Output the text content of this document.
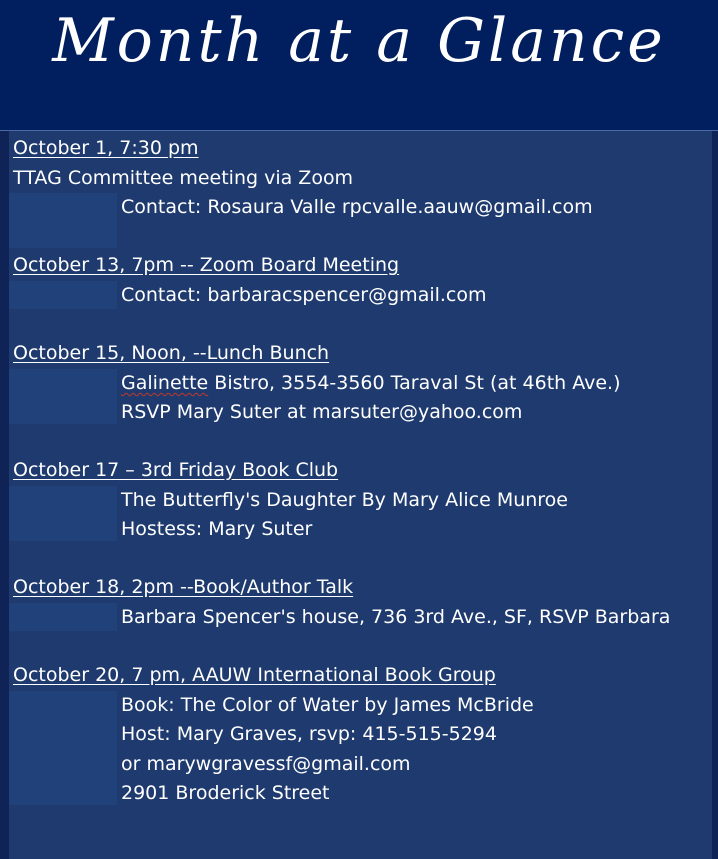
Month at a Glance
October 1, 7:30 pm
TTAG Committee meeting via Zoom
Contact: Rosaura Valle rpcvalle.aauw@gmail.com
October 13, 7pm -- Zoom Board Meeting
Contact: barbaracspencer@gmail.com
October 15, Noon, --Lunch Bunch
Galinette Bistro, 3554-3560 Taraval St (at 46th Ave.)
RSVP Mary Suter at marsuter@yahoo.com
October 17 – 3rd Friday Book Club
The Butterfly's Daughter By Mary Alice Munroe
Hostess: Mary Suter
October 18, 2pm --Book/Author Talk
Barbara Spencer's house, 736 3rd Ave., SF, RSVP Barbara
October 20, 7 pm, AAUW International Book Group
Book: The Color of Water by James McBride
Host: Mary Graves, rsvp: 415-515-5294
or marywgravessf@gmail.com
2901 Broderick Street
